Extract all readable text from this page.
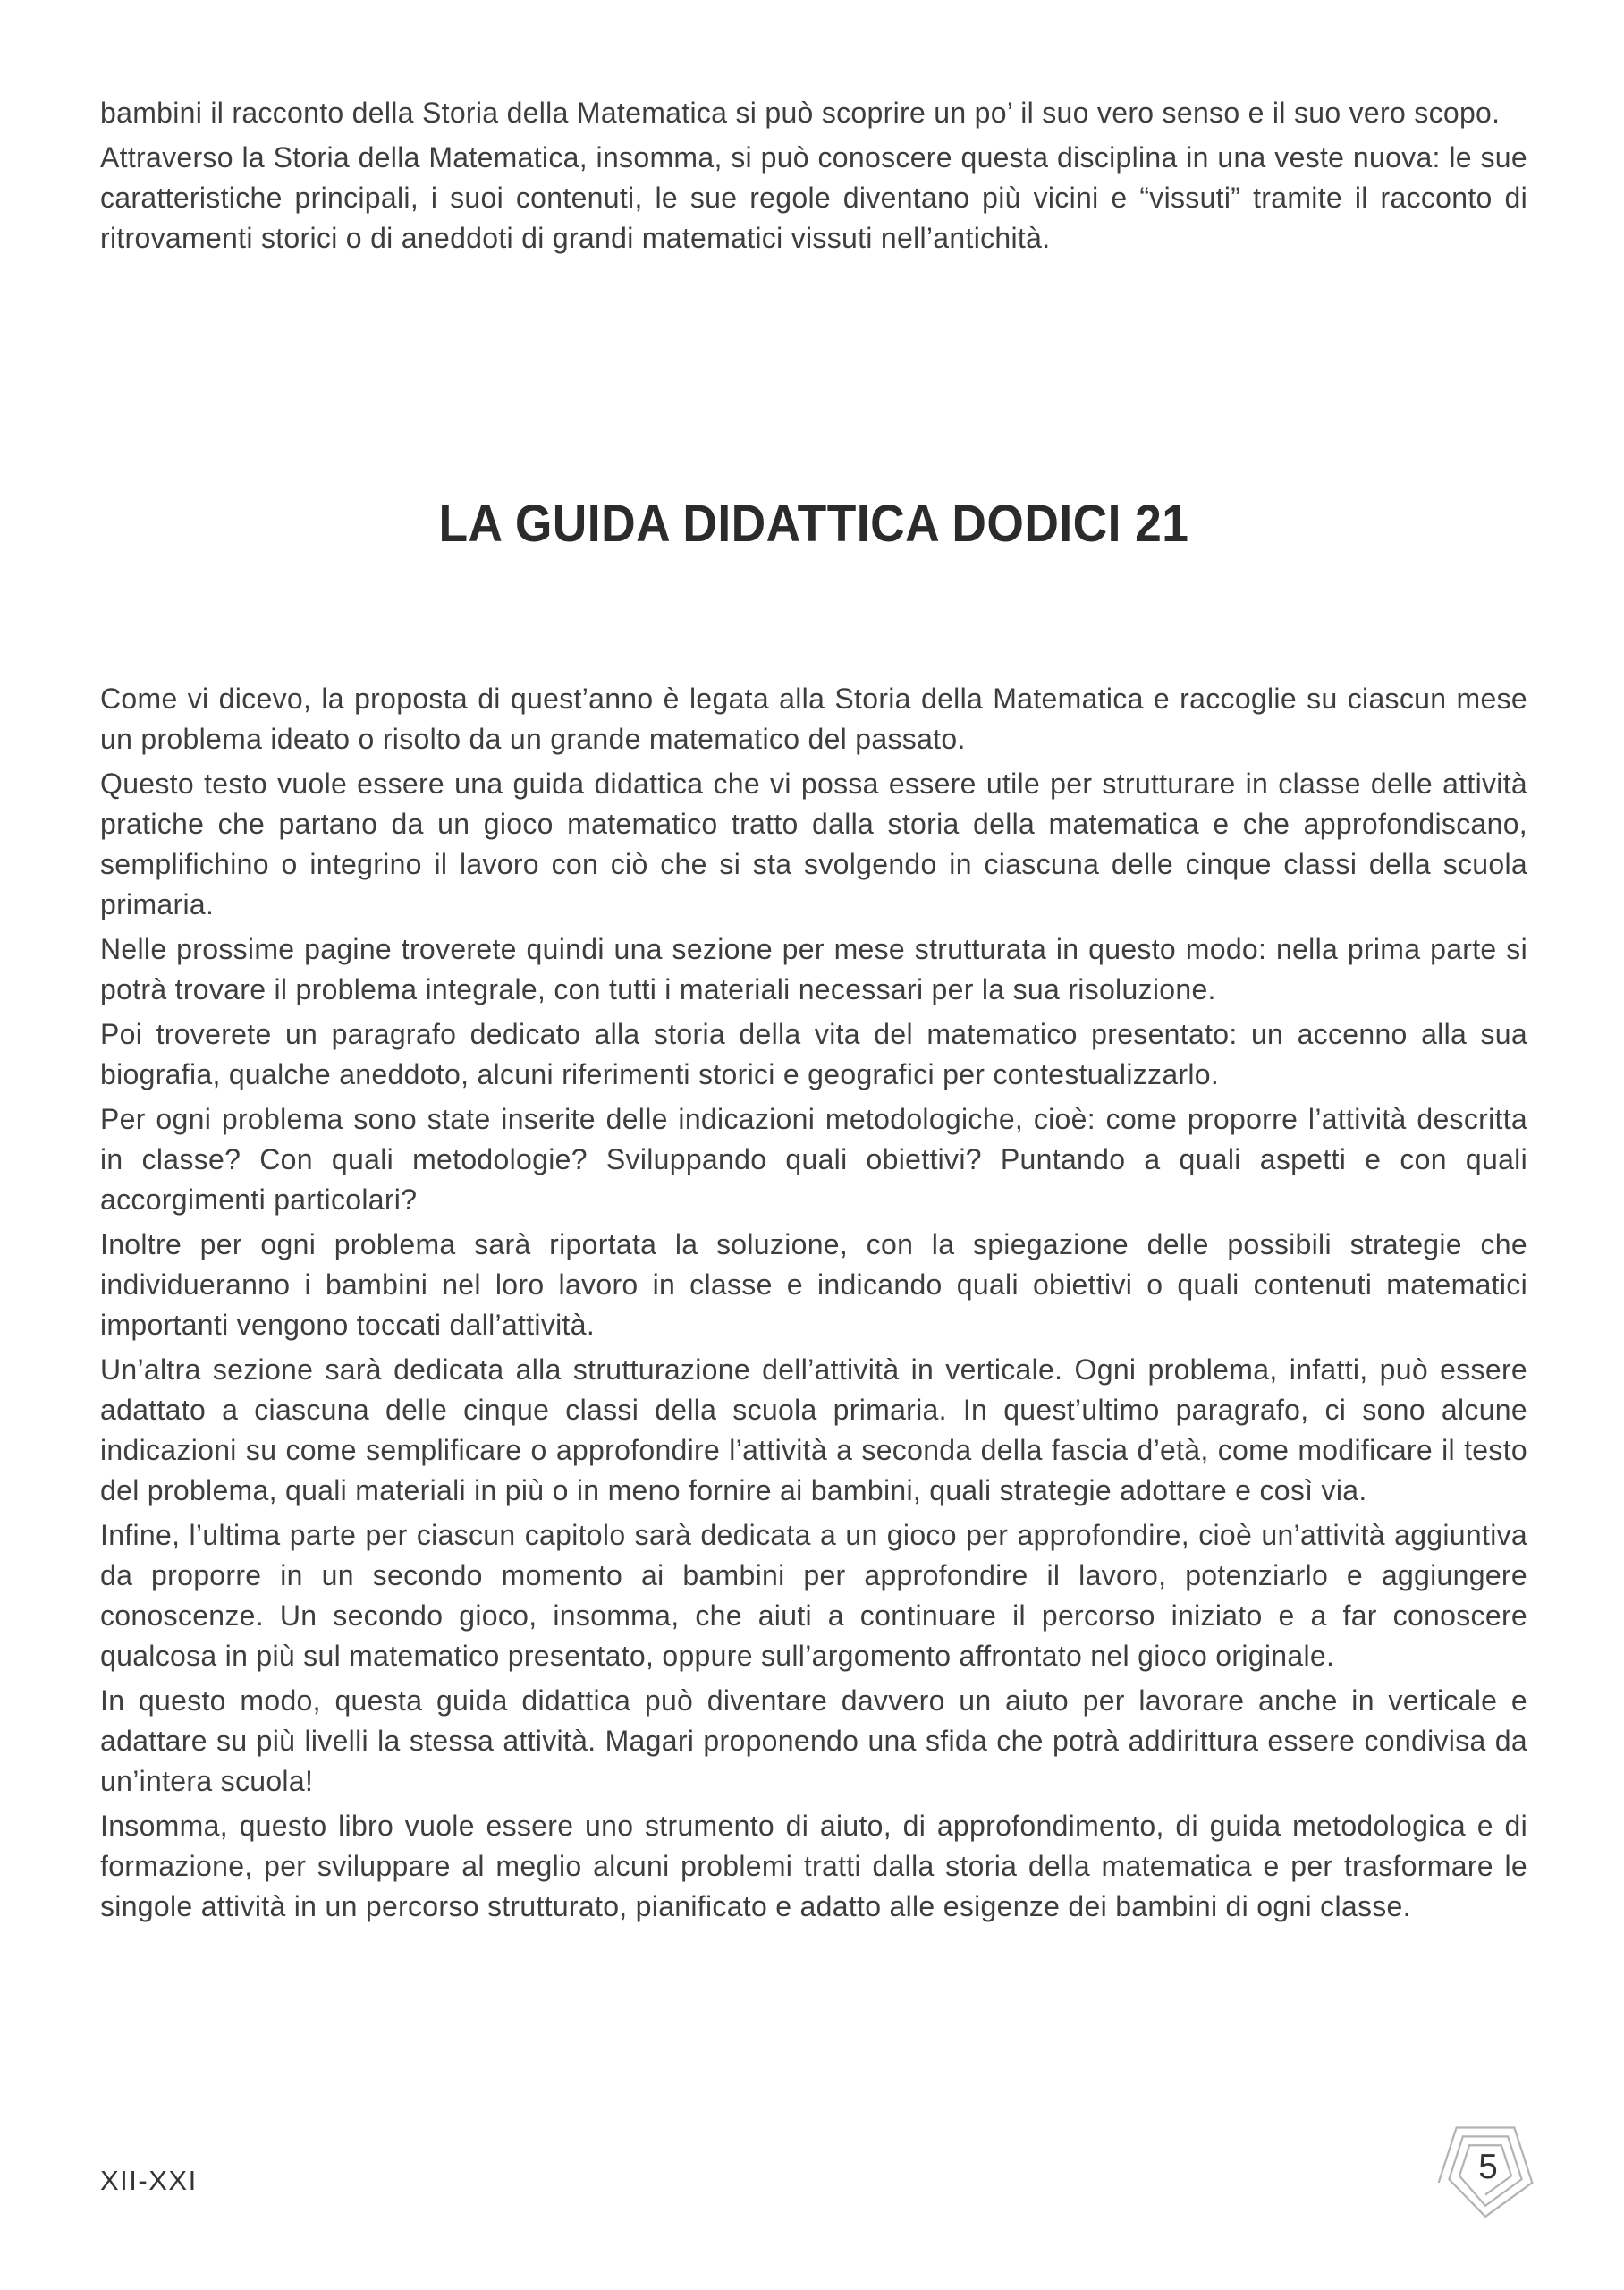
bambini il racconto della Storia della Matematica si può scoprire un po’ il suo vero senso e il suo vero scopo.

Attraverso la Storia della Matematica, insomma, si può conoscere questa disciplina in una veste nuova: le sue caratteristiche principali, i suoi contenuti, le sue regole diventano più vicini e “vissuti” tramite il racconto di ritrovamenti storici o di aneddoti di grandi matematici vissuti nell’antichità.

LA GUIDA DIDATTICA DODICI 21

Come vi dicevo, la proposta di quest’anno è legata alla Storia della Matematica e raccoglie su ciascun mese un problema ideato o risolto da un grande matematico del passato.

Questo testo vuole essere una guida didattica che vi possa essere utile per strutturare in classe delle attività pratiche che partano da un gioco matematico tratto dalla storia della matematica e che approfondiscano, semplifichino o integrino il lavoro con ciò che si sta svolgendo in ciascuna delle cinque classi della scuola primaria.

Nelle prossime pagine troverete quindi una sezione per mese strutturata in questo modo: nella prima parte si potrà trovare il problema integrale, con tutti i materiali necessari per la sua risoluzione.

Poi troverete un paragrafo dedicato alla storia della vita del matematico presentato: un accenno alla sua biografia, qualche aneddoto, alcuni riferimenti storici e geografici per contestualizzarlo.

Per ogni problema sono state inserite delle indicazioni metodologiche, cioè: come proporre l’attività descritta in classe? Con quali metodologie? Sviluppando quali obiettivi? Puntando a quali aspetti e con quali accorgimenti particolari?

Inoltre per ogni problema sarà riportata la soluzione, con la spiegazione delle possibili strategie che individueranno i bambini nel loro lavoro in classe e indicando quali obiettivi o quali contenuti matematici importanti vengono toccati dall’attività.

Un’altra sezione sarà dedicata alla strutturazione dell’attività in verticale. Ogni problema, infatti, può essere adattato a ciascuna delle cinque classi della scuola primaria. In quest’ultimo paragrafo, ci sono alcune indicazioni su come semplificare o approfondire l’attività a seconda della fascia d’età, come modificare il testo del problema, quali materiali in più o in meno fornire ai bambini, quali strategie adottare e così via.

Infine, l’ultima parte per ciascun capitolo sarà dedicata a un gioco per approfondire, cioè un’attività aggiuntiva da proporre in un secondo momento ai bambini per approfondire il lavoro, potenziarlo e aggiungere conoscenze. Un secondo gioco, insomma, che aiuti a continuare il percorso iniziato e a far conoscere qualcosa in più sul matematico presentato, oppure sull’argomento affrontato nel gioco originale.

In questo modo, questa guida didattica può diventare davvero un aiuto per lavorare anche in verticale e adattare su più livelli la stessa attività. Magari proponendo una sfida che potrà addirittura essere condivisa da un’intera scuola!

Insomma, questo libro vuole essere uno strumento di aiuto, di approfondimento, di guida metodologica e di formazione, per sviluppare al meglio alcuni problemi tratti dalla storia della matematica e per trasformare le singole attività in un percorso strutturato, pianificato e adatto alle esigenze dei bambini di ogni classe.

XII-XXI	5
